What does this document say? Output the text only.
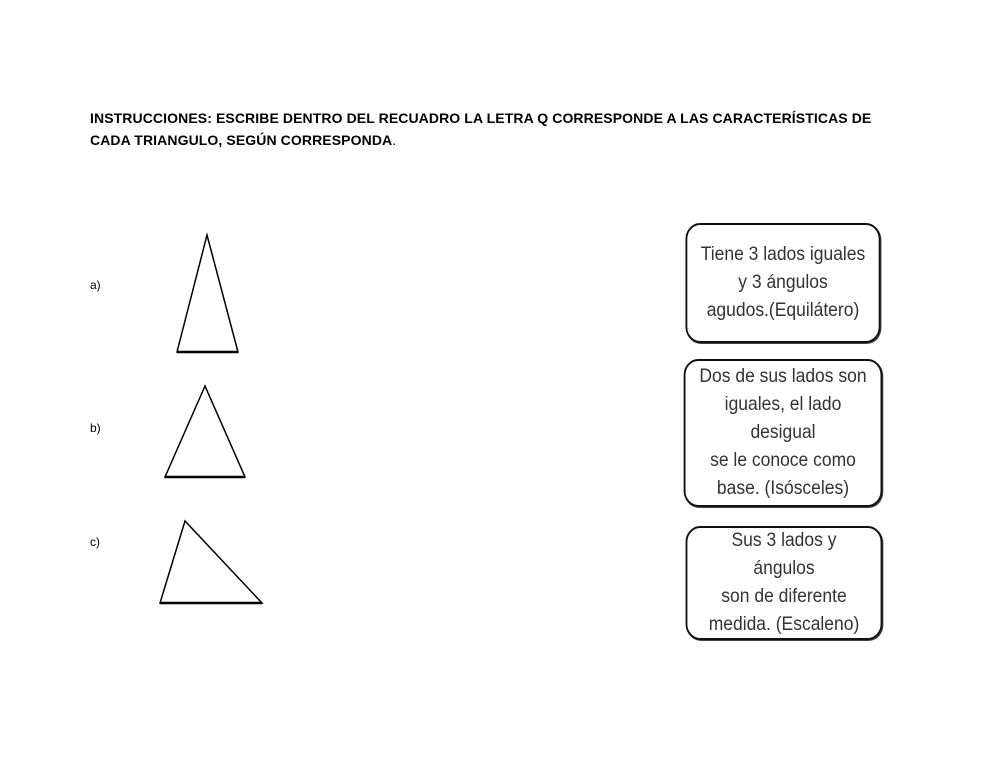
INSTRUCCIONES: ESCRIBE DENTRO DEL RECUADRO LA LETRA Q CORRESPONDE A LAS CARACTERÍSTICAS DE CADA TRIANGULO, SEGÚN CORRESPONDA.
a)
b)
c)
Tiene 3 lados iguales
y 3 ángulos
agudos.(Equilátero)
Dos de sus lados son
iguales, el lado desigual
se le conoce como
base. (Isósceles)
Sus 3 lados y ángulos
son de diferente
medida. (Escaleno)
